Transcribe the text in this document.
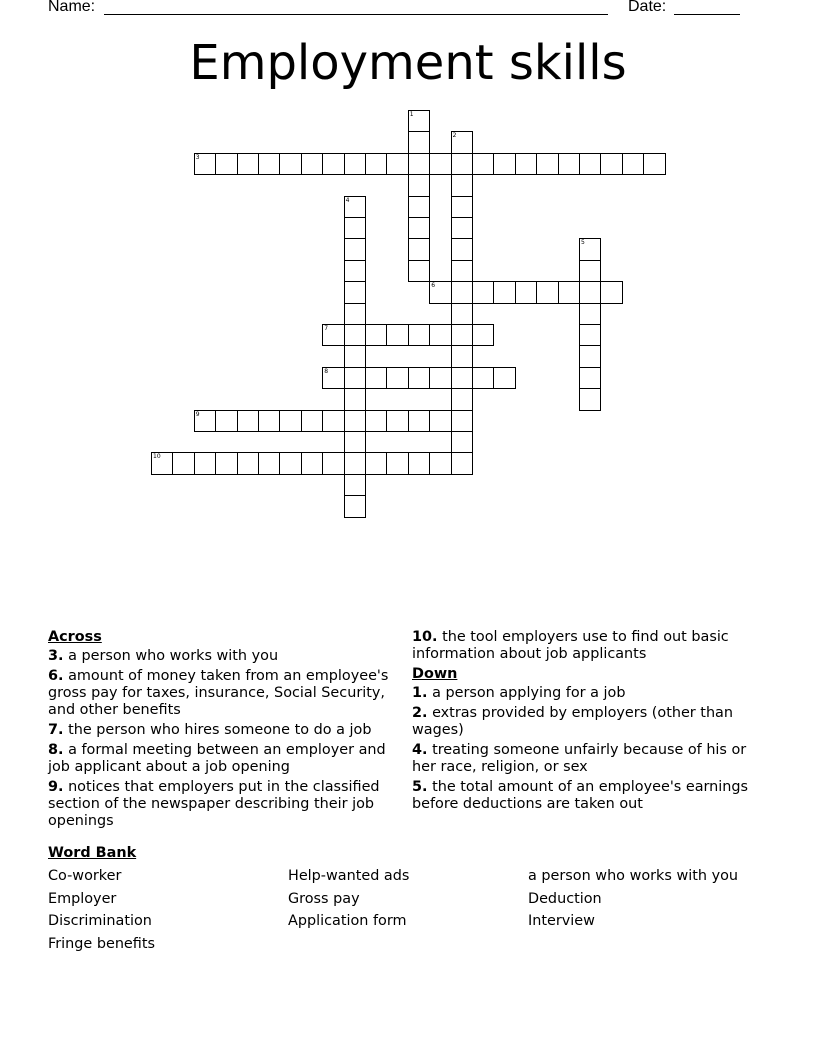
Name:	Date:
Employment skills
1
2
3
4
5
6
7
8
9
10
Across
3. a person who works with you
6. amount of money taken from an employee's gross pay for taxes, insurance, Social Security, and other benefits
7. the person who hires someone to do a job
8. a formal meeting between an employer and job applicant about a job opening
9. notices that employers put in the classified section of the newspaper describing their job openings
10. the tool employers use to find out basic information about job applicants
Down
1. a person applying for a job
2. extras provided by employers (other than wages)
4. treating someone unfairly because of his or her race, religion, or sex
5. the total amount of an employee's earnings before deductions are taken out
Word Bank
Co-worker	Help-wanted ads	a person who works with you
Employer	Gross pay	Deduction
Discrimination	Application form	Interview
Fringe benefits
